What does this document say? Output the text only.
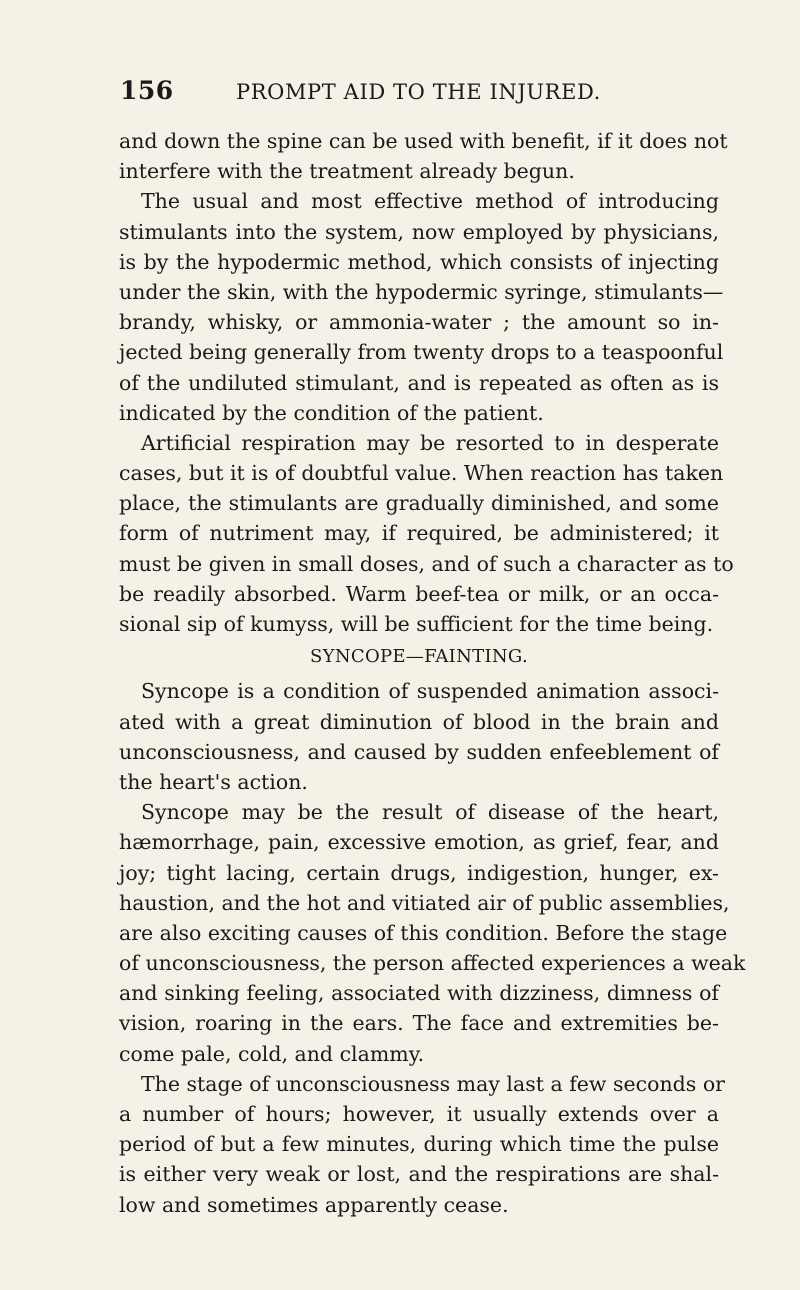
156	PROMPT AID TO THE INJURED.
and down the spine can be used with benefit, if it does not
interfere with the treatment already begun.
The usual and most effective method of introducing
stimulants into the system, now employed by physicians,
is by the hypodermic method, which consists of injecting
under the skin, with the hypodermic syringe, stimulants—
brandy, whisky, or ammonia-water ; the amount so in-
jected being generally from twenty drops to a teaspoonful
of the undiluted stimulant, and is repeated as often as is
indicated by the condition of the patient.
Artificial respiration may be resorted to in desperate
cases, but it is of doubtful value. When reaction has taken
place, the stimulants are gradually diminished, and some
form of nutriment may, if required, be administered; it
must be given in small doses, and of such a character as to
be readily absorbed. Warm beef-tea or milk, or an occa-
sional sip of kumyss, will be sufficient for the time being.
SYNCOPE—FAINTING.
Syncope is a condition of suspended animation associ-
ated with a great diminution of blood in the brain and
unconsciousness, and caused by sudden enfeeblement of
the heart's action.
Syncope may be the result of disease of the heart,
hæmorrhage, pain, excessive emotion, as grief, fear, and
joy; tight lacing, certain drugs, indigestion, hunger, ex-
haustion, and the hot and vitiated air of public assemblies,
are also exciting causes of this condition. Before the stage
of unconsciousness, the person affected experiences a weak
and sinking feeling, associated with dizziness, dimness of
vision, roaring in the ears. The face and extremities be-
come pale, cold, and clammy.
The stage of unconsciousness may last a few seconds or
a number of hours; however, it usually extends over a
period of but a few minutes, during which time the pulse
is either very weak or lost, and the respirations are shal-
low and sometimes apparently cease.
